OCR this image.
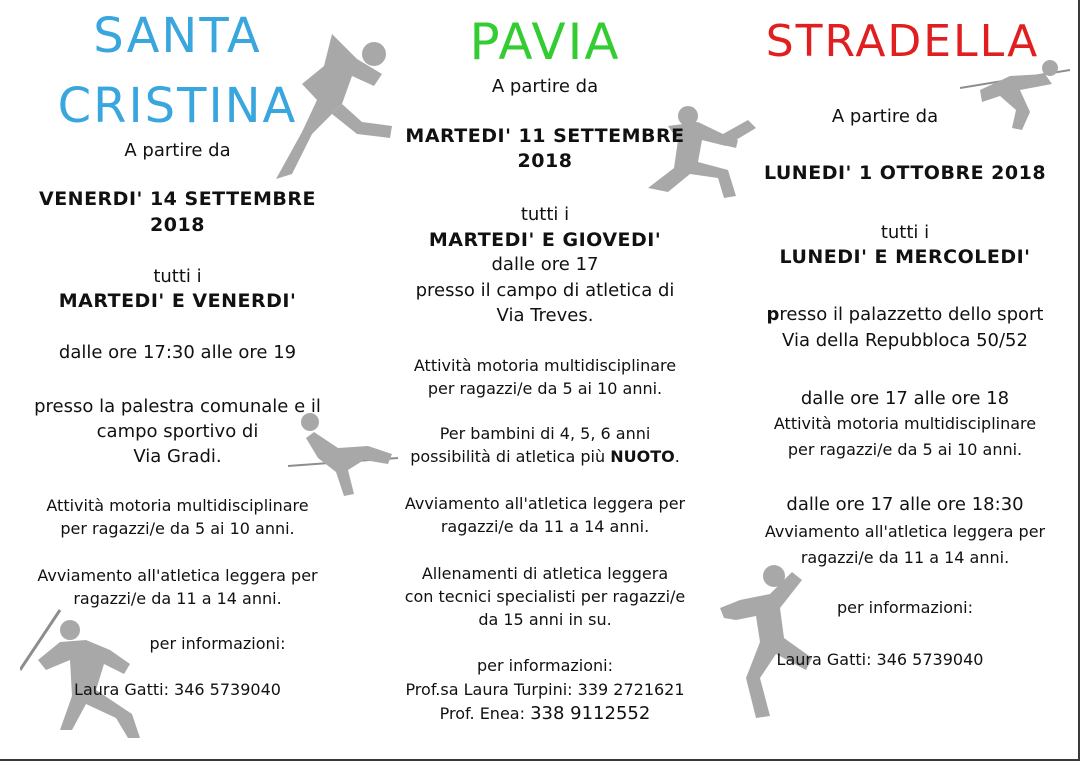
SANTA
CRISTINA
A partire da
VENERDI' 14 SETTEMBRE
2018
tutti i
MARTEDI' E VENERDI'
dalle ore 17:30 alle ore 19
presso la palestra comunale e il
campo sportivo di
Via Gradi.
Attività motoria multidisciplinare
per ragazzi/e da 5 ai 10 anni.
Avviamento all'atletica leggera per
ragazzi/e da 11 a 14 anni.
per informazioni:
Laura Gatti: 346 5739040
PAVIA
A partire da
MARTEDI' 11 SETTEMBRE
2018
tutti i
MARTEDI' E GIOVEDI'
dalle ore 17
presso il campo di atletica di
Via Treves.
Attività motoria multidisciplinare
per ragazzi/e da 5 ai 10 anni.
Per bambini di 4, 5, 6 anni
possibilità di atletica più NUOTO.
Avviamento all'atletica leggera per
ragazzi/e da 11 a 14 anni.
Allenamenti di atletica leggera
con tecnici specialisti per ragazzi/e
da 15 anni in su.
per informazioni:
Prof.sa Laura Turpini: 339 2721621
Prof. Enea: 338 9112552
STRADELLA
A partire da
LUNEDI' 1 OTTOBRE 2018
tutti i
LUNEDI' E MERCOLEDI'
presso il palazzetto dello sport
Via della Repubbloca 50/52
dalle ore 17 alle ore 18
Attività motoria multidisciplinare
per ragazzi/e da 5 ai 10 anni.
dalle ore 17 alle ore 18:30
Avviamento all'atletica leggera per
ragazzi/e da 11 a 14 anni.
per informazioni:
Laura Gatti: 346 5739040
